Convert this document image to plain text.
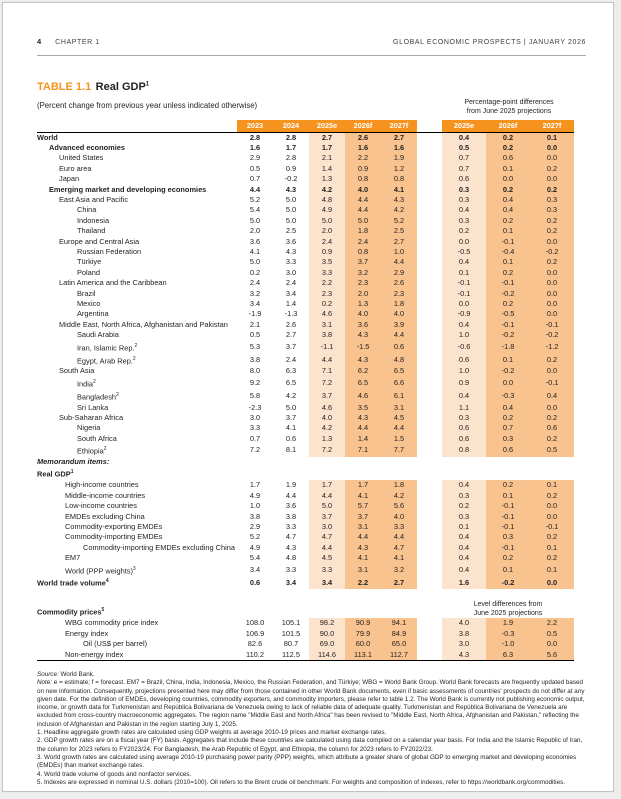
4 CHAPTER 1	GLOBAL ECONOMIC PROSPECTS | JANUARY 2026
TABLE 1.1 Real GDP$^1$
(Percent change from previous year unless indicated otherwise)	Percentage-point differences
from June 2025 projections
	2023	2024	2025e	2026f	2027f		2025e	2026f	2027f
World	2.8	2.8	2.7	2.6	2.7		0.4	0.2	0.1
Advanced economies	1.6	1.7	1.7	1.6	1.6		0.5	0.2	0.0
United States	2.9	2.8	2.1	2.2	1.9		0.7	0.6	0.0
Euro area	0.5	0.9	1.4	0.9	1.2		0.7	0.1	0.2
Japan	0.7	-0.2	1.3	0.8	0.8		0.6	0.0	0.0
Emerging market and developing economies	4.4	4.3	4.2	4.0	4.1		0.3	0.2	0.2
East Asia and Pacific	5.2	5.0	4.8	4.4	4.3		0.3	0.4	0.3
China	5.4	5.0	4.9	4.4	4.2		0.4	0.4	0.3
Indonesia	5.0	5.0	5.0	5.0	5.2		0.3	0.2	0.2
Thailand	2.0	2.5	2.0	1.8	2.5		0.2	0.1	0.2
Europe and Central Asia	3.6	3.6	2.4	2.4	2.7		0.0	-0.1	0.0
Russian Federation	4.1	4.3	0.9	0.8	1.0		-0.5	-0.4	-0.2
Türkiye	5.0	3.3	3.5	3.7	4.4		0.4	0.1	0.2
Poland	0.2	3.0	3.3	3.2	2.9		0.1	0.2	0.0
Latin America and the Caribbean	2.4	2.4	2.2	2.3	2.6		-0.1	-0.1	0.0
Brazil	3.2	3.4	2.3	2.0	2.3		-0.1	-0.2	0.0
Mexico	3.4	1.4	0.2	1.3	1.8		0.0	0.2	0.0
Argentina	-1.9	-1.3	4.6	4.0	4.0		-0.9	-0.5	0.0
Middle East, North Africa, Afghanistan and Pakistan	2.1	2.6	3.1	3.6	3.9		0.4	-0.1	-0.1
Saudi Arabia	0.5	2.7	3.8	4.3	4.4		1.0	-0.2	-0.2
Iran, Islamic Rep.$^2$	5.3	3.7	-1.1	-1.5	0.6		-0.6	-1.8	-1.2
Egypt, Arab Rep.$^2$	3.8	2.4	4.4	4.3	4.8		0.6	0.1	0.2
South Asia	8.0	6.3	7.1	6.2	6.5		1.0	-0.2	0.0
India$^2$	9.2	6.5	7.2	6.5	6.6		0.9	0.0	-0.1
Bangladesh$^2$	5.8	4.2	3.7	4.6	6.1		0.4	-0.3	0.4
Sri Lanka	-2.3	5.0	4.6	3.5	3.1		1.1	0.4	0.0
Sub-Saharan Africa	3.0	3.7	4.0	4.3	4.5		0.3	0.2	0.2
Nigeria	3.3	4.1	4.2	4.4	4.4		0.6	0.7	0.6
South Africa	0.7	0.6	1.3	1.4	1.5		0.6	0.3	0.2
Ethiopia$^2$	7.2	8.1	7.2	7.1	7.7		0.8	0.6	0.5
Memorandum items:									
Real GDP$^1$
High-income countries	1.7	1.9	1.7	1.7	1.8		0.4	0.2	0.1
Middle-income countries	4.9	4.4	4.4	4.1	4.2		0.3	0.1	0.2
Low-income countries	1.0	3.6	5.0	5.7	5.6		0.2	-0.1	0.0
EMDEs excluding China	3.8	3.8	3.7	3.7	4.0		0.3	-0.1	0.0
Commodity-exporting EMDEs	2.9	3.3	3.0	3.1	3.3		0.1	-0.1	-0.1
Commodity-importing EMDEs	5.2	4.7	4.7	4.4	4.4		0.4	0.3	0.2
Commodity-importing EMDEs excluding China	4.9	4.3	4.4	4.3	4.7		0.4	-0.1	0.1
EM7	5.4	4.8	4.5	4.1	4.1		0.4	0.2	0.2
World (PPP weights)$^3$	3.4	3.3	3.3	3.1	3.2		0.4	0.1	0.1
World trade volume$^4$	0.6	3.4	3.4	2.2	2.7		1.6	-0.2	0.0

Commodity prices$^5$							Level differences from
June 2025 projections		

WBG commodity price index	108.0	105.1	98.2	90.9	94.1		4.0	1.9	2.2
Energy index	106.9	101.5	90.0	79.9	84.9		3.8	-0.3	0.5
Oil (US$ per barrel)	82.6	80.7	69.0	60.0	65.0		3.0	-1.0	0.0
Non-energy index	110.2	112.5	114.6	113.1	112.7		4.3	6.3	5.6

Source: World Bank.

Note: e = estimate; f = forecast. EM7 = Brazil, China, India, Indonesia, Mexico, the Russian Federation, and Türkiye; WBG = World Bank Group. World Bank forecasts are frequently updated based on new information. Consequently, projections presented here may differ from those contained in other World Bank documents, even if basic assessments of countries' prospects do not differ at any given date. For the definition of EMDEs, developing countries, commodity exporters, and commodity importers, please refer to table 1.2. The World Bank is currently not publishing economic output, income, or growth data for Turkmenistan and República Bolivariana de Venezuela owing to lack of reliable data of adequate quality. Turkmenistan and República Bolivariana de Venezuela are excluded from cross-country macroeconomic aggregates. The region name "Middle East and North Africa" has been revised to "Middle East, North Africa, Afghanistan and Pakistan," reflecting the inclusion of Afghanistan and Pakistan in the region starting July 1, 2025.

1. Headline aggregate growth rates are calculated using GDP weights at average 2010-19 prices and market exchange rates.

2. GDP growth rates are on a fiscal year (FY) basis. Aggregates that include these countries are calculated using data compiled on a calendar year basis. For India and the Islamic Republic of Iran, the column for 2023 refers to FY2023/24. For Bangladesh, the Arab Republic of Egypt, and Ethiopia, the column for 2023 refers to FY2022/23.

3. World growth rates are calculated using average 2010-19 purchasing power parity (PPP) weights, which attribute a greater share of global GDP to emerging market and developing economies (EMDEs) than market exchange rates.

4. World trade volume of goods and nonfactor services.

5. Indexes are expressed in nominal U.S. dollars (2010=100). Oil refers to the Brent crude oil benchmark. For weights and composition of indexes, refer to https://worldbank.org/commodities.
